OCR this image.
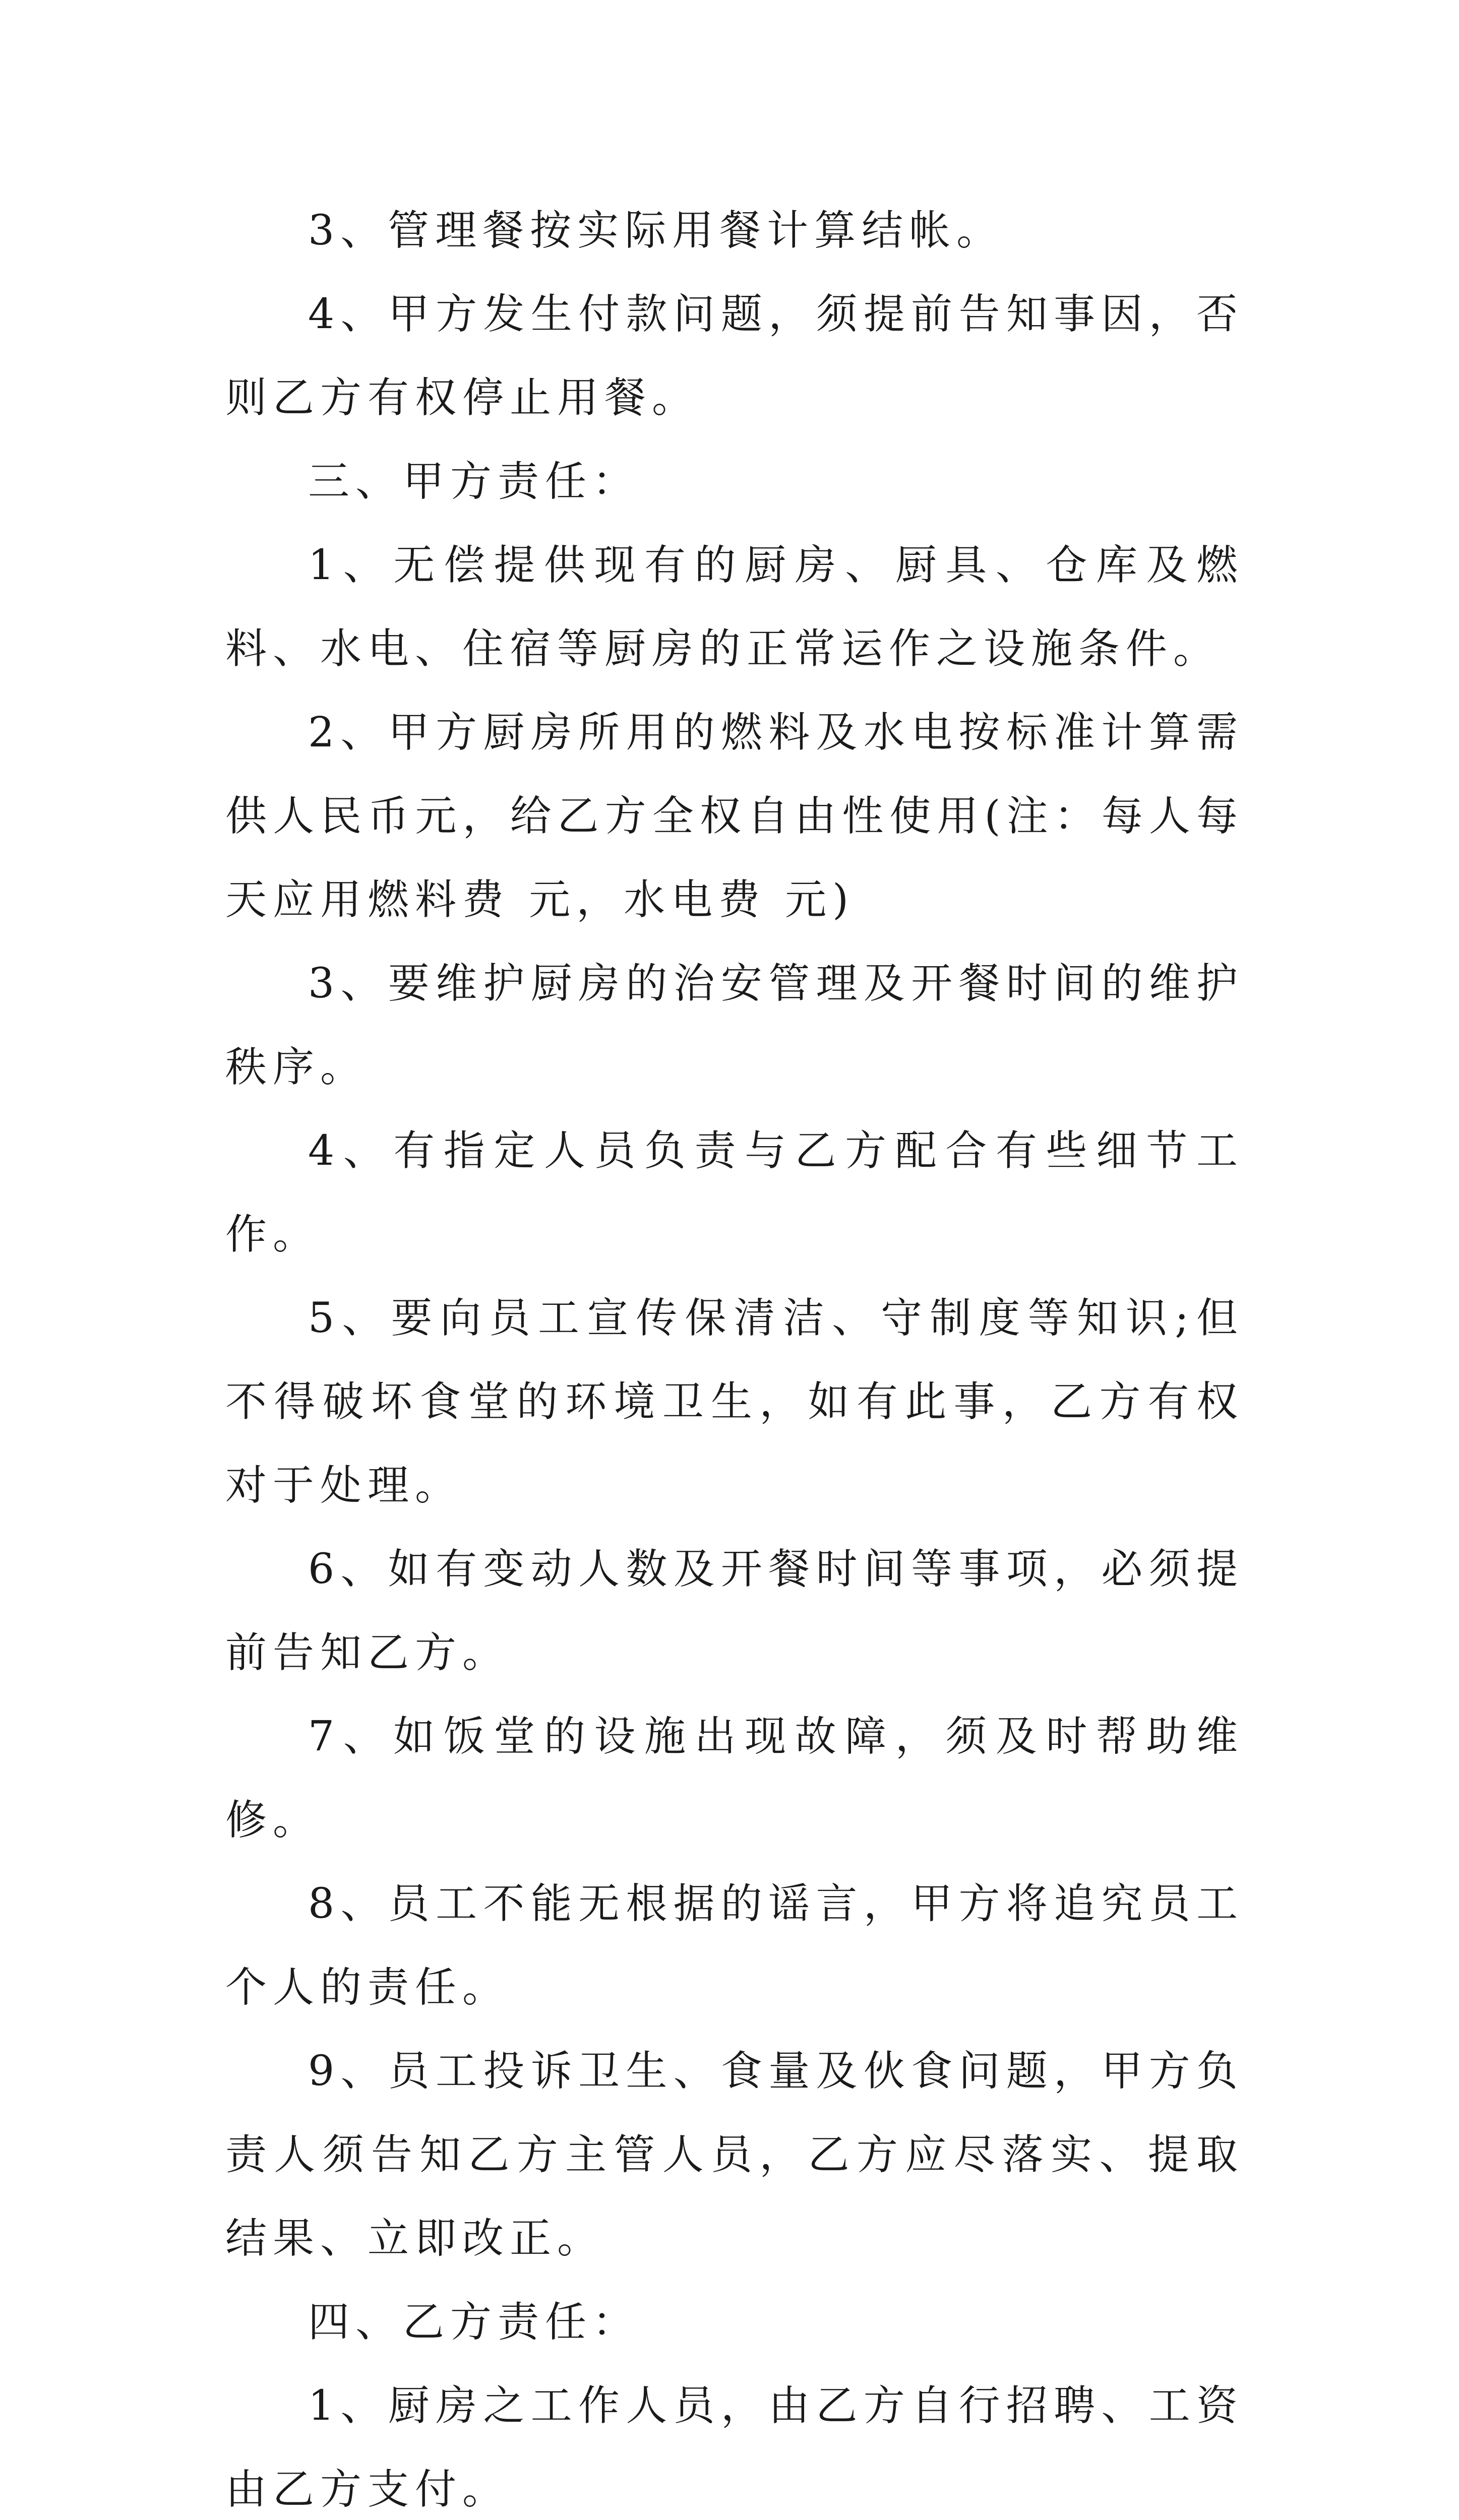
3、管理餐按实际用餐计算结帐。

4、甲方发生付款问题，须提前告知事因，否则乙方有权停止用餐。

三、甲方责任：

1、无偿提供现有的厨房、厨具、仓库及燃料、水电、住宿等厨房的正常运作之设施条件。

2、甲方厨房所用的燃料及水电按标准计算需供人民币元，给乙方全权自由性使用(注：每人每天应用燃料费 元，水电费 元)

3、要维护厨房的治安管理及开餐时间的维护秩序。

4、有指定人员负责与乙方配合有些细节工作。

5、要向员工宣传保清洁、守制度等知识;但不得破坏食堂的环境卫生，如有此事，乙方有权对于处理。

6、如有变动人数及开餐时间等事项，必须提前告知乙方。

7、如饭堂的设施出现故障，须及时帮助维修。

8、员工不能无根据的谣言，甲方将追究员工个人的责任。

9、员工投诉卫生、食量及伙食问题，甲方负责人须告知乙方主管人员，乙方应尽落实、提取结果、立即改正。

四、乙方责任：

1、厨房之工作人员，由乙方自行招聘、工资由乙方支付。
